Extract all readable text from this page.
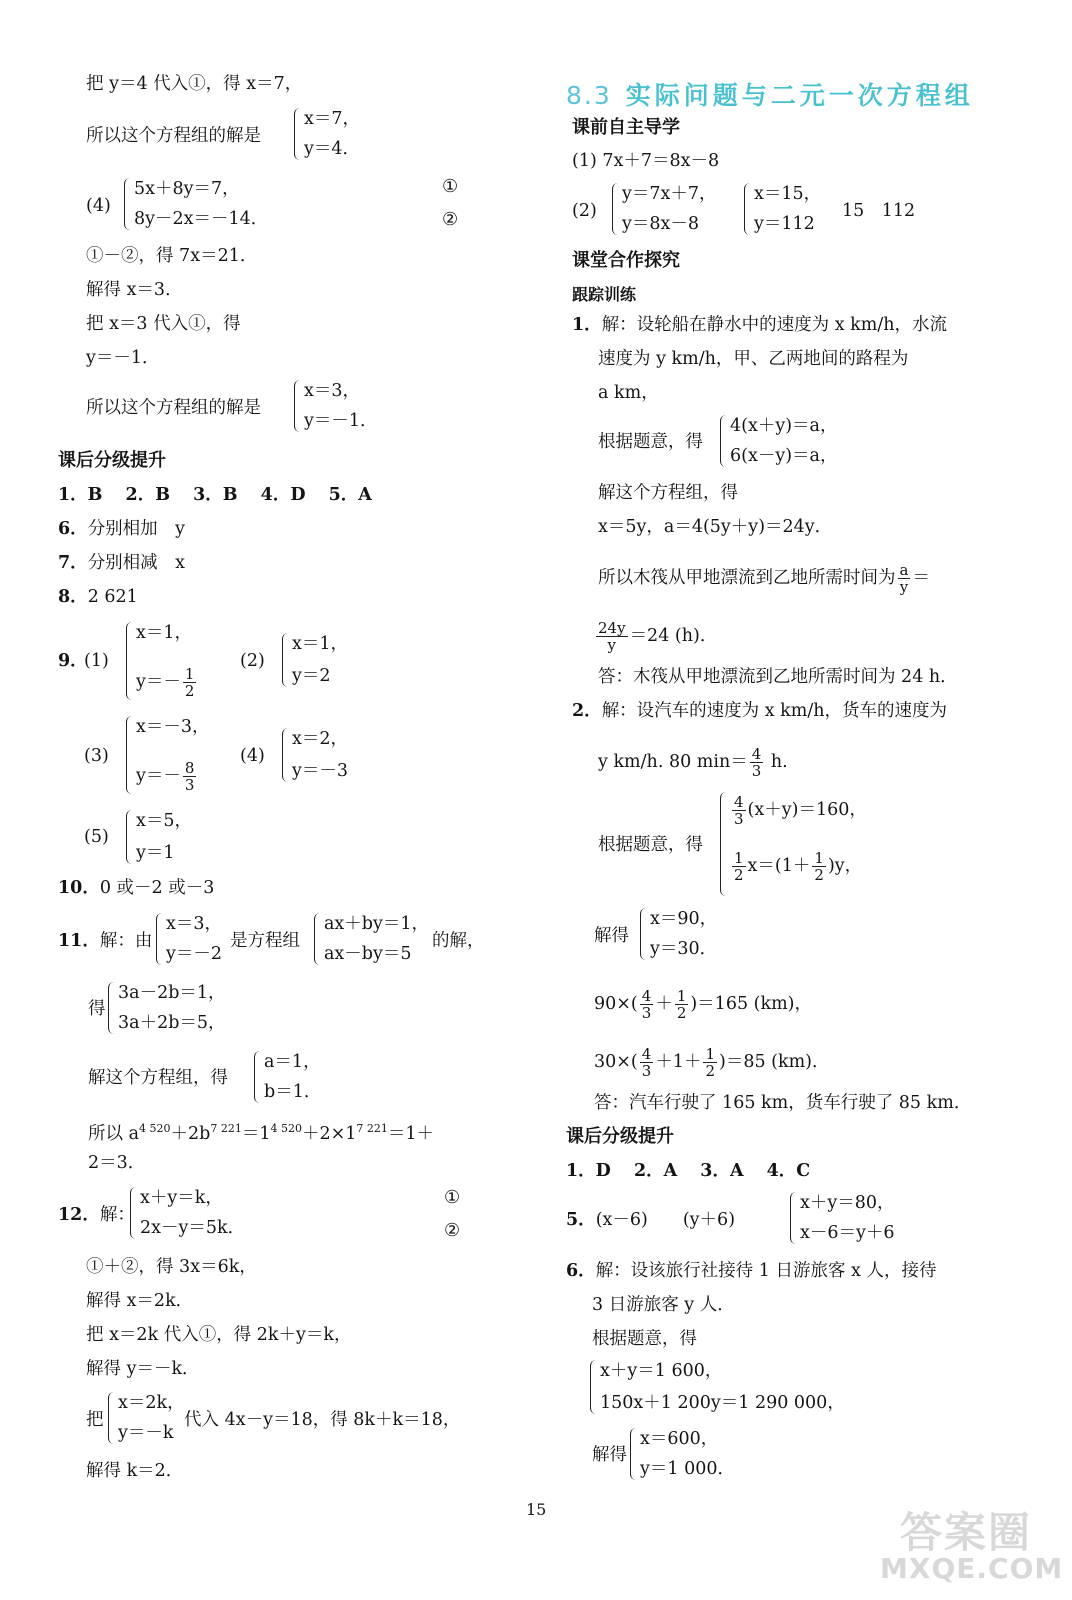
把 y＝4 代入①，得 x＝7，
所以这个方程组的解是
x＝7，
y＝4．
(4)
5x＋8y＝7，
8y－2x＝－14．
①
②
①－②，得 7x＝21．
解得 x＝3．
把 x＝3 代入①，得
y＝－1．
所以这个方程组的解是
x＝3，
y＝－1．
课后分级提升
1．B　 2．B　 3．B　 4．D　 5．A
6．分别相加　y
7．分别相减　x
8．2 621
9．
(1)
x＝1，
$y=- \frac{1}{2}$
(2)
x＝1，
y＝2
(3)
x＝－3，
$y=- \frac{8}{3}$
(4)
x＝2，
y＝－3
(5)
x＝5，
y＝1
10．0 或－2 或－3
11．解：由
x＝3，
y＝－2
是方程组
ax＋by＝1，
ax－by＝5
的解，
得
3a－2b＝1，
3a＋2b＝5，
解这个方程组，得
a＝1，
b＝1．
所以 $a^{4 520}+2b^{7 221}=1^{4 520}+2\times 1^{7 221}=1+$
2＝3．
12．解：
x＋y＝k，
2x－y＝5k．
①
②
①＋②，得 3x＝6k，
解得 x＝2k．
把 x＝2k 代入①，得 2k＋y＝k，
解得 y＝－k．
把
x＝2k，
y＝－k
代入 4x－y＝18，得 8k＋k＝18，
解得 k＝2．
8.3 实际问题与二元一次方程组
课前自主导学
(1) 7x＋7＝8x－8
(2)
y＝7x＋7，
y＝8x－8
x＝15，
y＝112
15　112
课堂合作探究
跟踪训练
1．解：设轮船在静水中的速度为 x km/h，水流
速度为 y km/h，甲、乙两地间的路程为
a km，
根据题意，得
4(x＋y)＝a，
6(x－y)＝a，
解这个方程组，得
x＝5y，a＝4(5y＋y)＝24y．
所以木筏从甲地漂流到乙地所需时间为 $\frac{a}{y}$ ＝
$\frac{24y}{y} =24$ (h)．
答：木筏从甲地漂流到乙地所需时间为 24 h．
2．解：设汽车的速度为 x km/h，货车的速度为
y km/h. 80 $\min= \frac{4}{3} h$.
根据题意，得
$\frac{4}{3} (x+y)=160$，
$\frac{1}{2} x=(1+ \frac{1}{2} )y$，
解得
x＝90，
y＝30．
$90\times( \frac{4}{3} + \frac{1}{2} )=165$ (km)，
$30\times( \frac{4}{3} +1+ \frac{1}{2} )=85$ (km)．
答：汽车行驶了 165 km，货车行驶了 85 km．
课后分级提升
1．D　 2．A　 3．A　 4．C
5．(x－6)　　(y＋6)
x＋y＝80，
x－6＝y＋6
6．解：设该旅行社接待 1 日游旅客 x 人，接待
3 日游旅客 y 人．
根据题意，得
x＋y＝1 600，
150x＋1 200y＝1 290 000，
解得
x＝600，
y＝1 000．
15	答案圈
MXQE.COM
